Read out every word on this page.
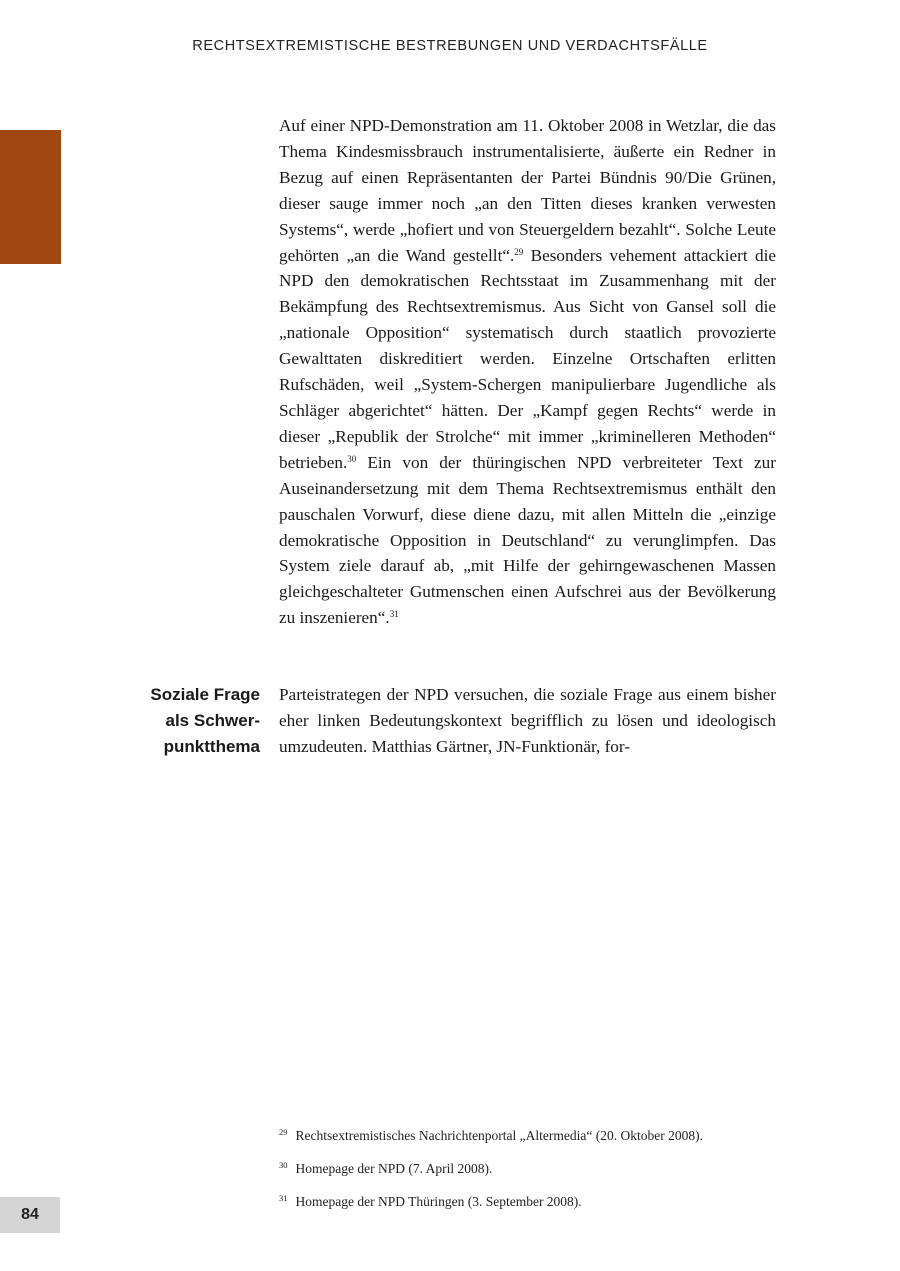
RECHTSEXTREMISTISCHE BESTREBUNGEN UND VERDACHTSFÄLLE
Auf einer NPD-Demonstration am 11. Oktober 2008 in Wetzlar, die das Thema Kindesmissbrauch instrumentalisierte, äußerte ein Redner in Bezug auf einen Repräsentanten der Partei Bündnis 90/Die Grünen, dieser sauge immer noch „an den Titten dieses kranken verwesten Systems“, werde „hofiert und von Steuergeldern bezahlt“. Solche Leute gehörten „an die Wand gestellt“.$^{29}$ Besonders vehement attackiert die NPD den demokratischen Rechtsstaat im Zusammenhang mit der Bekämpfung des Rechtsextremismus. Aus Sicht von Gansel soll die „nationale Opposition“ systematisch durch staatlich provozierte Gewalttaten diskreditiert werden. Einzelne Ortschaften erlitten Rufschäden, weil „System-Schergen manipulierbare Jugendliche als Schläger abgerichtet“ hätten. Der „Kampf gegen Rechts“ werde in dieser „Republik der Strolche“ mit immer „kriminelleren Methoden“ betrieben.$^{30}$ Ein von der thüringischen NPD verbreiteter Text zur Auseinandersetzung mit dem Thema Rechtsextremismus enthält den pauschalen Vorwurf, diese diene dazu, mit allen Mitteln die „einzige demokratische Opposition in Deutschland“ zu verunglimpfen. Das System ziele darauf ab, „mit Hilfe der gehirngewaschenen Massen gleichgeschalteter Gutmenschen einen Aufschrei aus der Bevölkerung zu inszenieren“.$^{31}$
Soziale Frage
als Schwer-
punktthema
Parteistrategen der NPD versuchen, die soziale Frage aus einem bisher eher linken Bedeutungskontext begrifflich zu lösen und ideologisch umzudeuten. Matthias Gärtner, JN-Funktionär, for-
$^{29}$ Rechtsextremistisches Nachrichtenportal „Altermedia“ (20. Oktober 2008).
$^{30}$ Homepage der NPD (7. April 2008).
$^{31}$ Homepage der NPD Thüringen (3. September 2008).
84
